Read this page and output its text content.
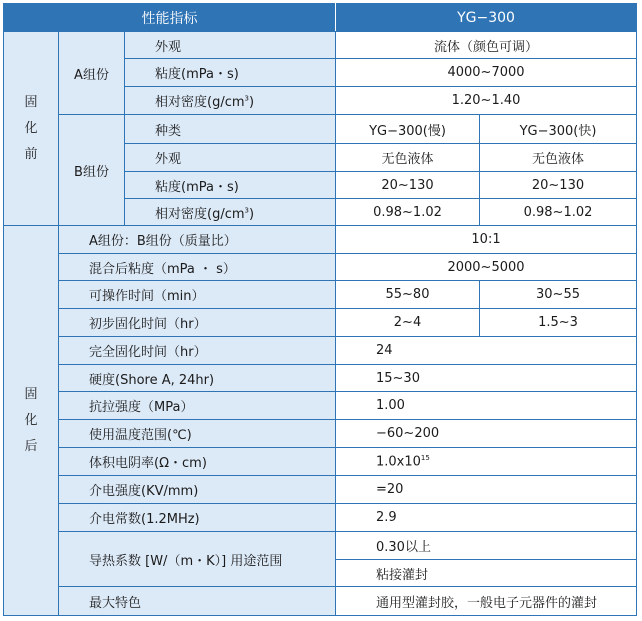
性能指标			YG−300	
固
化
前	A组份	外观	流体（颜色可调）	
		粘度(mPa・s)	4000~7000	
		相对密度$(g/cm^3)$	1.20~1.40	
	B组份	种类	YG−300(慢)	YG−300(快)
		外观	无色液体	无色液体
		粘度(mPa・s)	20~130	20~130
		相对密度$(g/cm^3)$	0.98~1.02	0.98~1.02
固
化
后	A组份：B组份（质量比）		10:1	
	混合后粘度（mPa ・ s）		2000~5000	
	可操作时间（min）		55~80	30~55
	初步固化时间（hr）		2~4	1.5~3
	完全固化时间（hr）		24	
	硬度(Shore A, 24hr)		15~30	
	抗拉强度（MPa）		1.00	
	使用温度范围(℃)		−60~200	
	体积电阴率(Ω・cm)		$1.0x10^{15}$
	介电强度(KV/mm)		=20	
	介电常数(1.2MHz)		2.9	
	导热系数 [W/（m・K）] 用途范围		0.30以上	
			粘接灌封	
	最大特色		通用型灌封胶，一般电子元器件的灌封	
